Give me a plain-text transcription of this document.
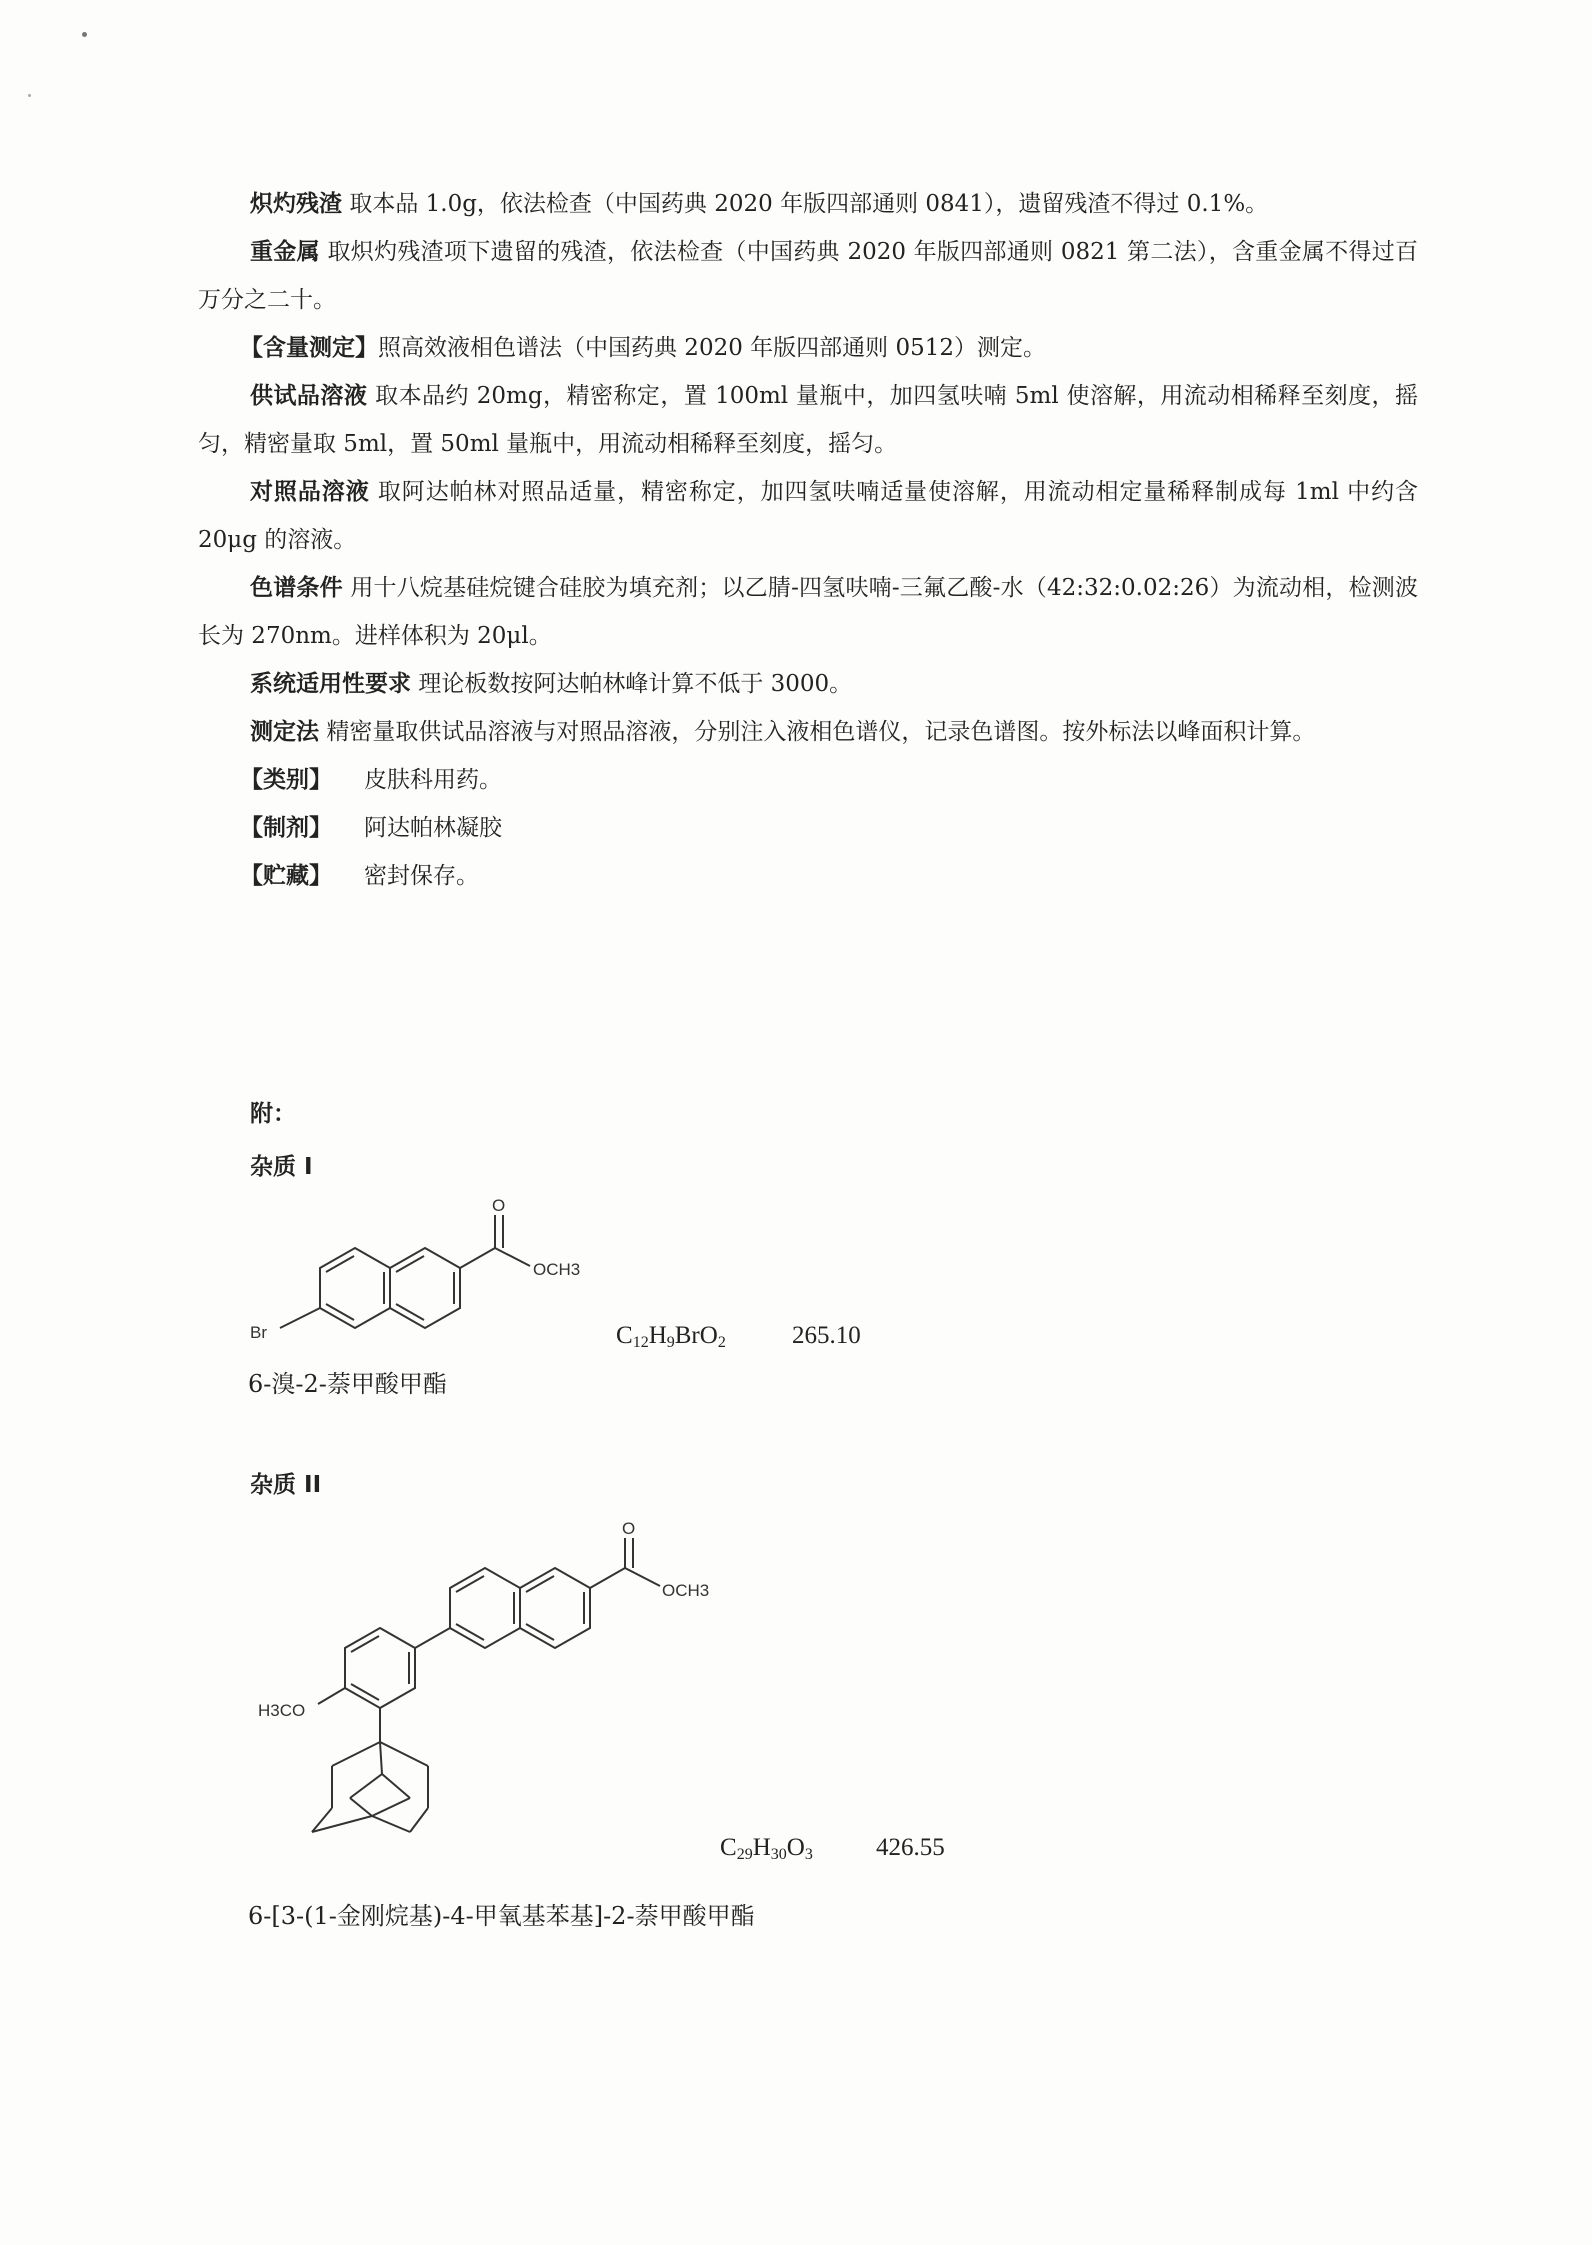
炽灼残渣 取本品 1.0g，依法检查（中国药典 2020 年版四部通则 0841），遗留残渣不得过 0.1%。

重金属 取炽灼残渣项下遗留的残渣，依法检查（中国药典 2020 年版四部通则 0821 第二法），含重金属不得过百万分之二十。

【含量测定】照高效液相色谱法（中国药典 2020 年版四部通则 0512）测定。

供试品溶液 取本品约 20mg，精密称定，置 100ml 量瓶中，加四氢呋喃 5ml 使溶解，用流动相稀释至刻度，摇匀，精密量取 5ml，置 50ml 量瓶中，用流动相稀释至刻度，摇匀。

对照品溶液 取阿达帕林对照品适量，精密称定，加四氢呋喃适量使溶解，用流动相定量稀释制成每 1ml 中约含 20μg 的溶液。

色谱条件 用十八烷基硅烷键合硅胶为填充剂；以乙腈-四氢呋喃-三氟乙酸-水（42:32:0.02:26）为流动相，检测波长为 270nm。进样体积为 20μl。

系统适用性要求 理论板数按阿达帕林峰计算不低于 3000。

测定法 精密量取供试品溶液与对照品溶液，分别注入液相色谱仪，记录色谱图。按外标法以峰面积计算。

【类别】 皮肤科用药。

【制剂】 阿达帕林凝胶

【贮藏】 密封保存。

附：
杂质 I
O
OCH3
Br	$C_{12}H_9BrO_2$	265.10
6-溴-2-萘甲酸甲酯
杂质 II
O
OCH3
H3CO
$C_{29}H_{30}O_3$	426.55
6-[3-(1-金刚烷基)-4-甲氧基苯基]-2-萘甲酸甲酯
